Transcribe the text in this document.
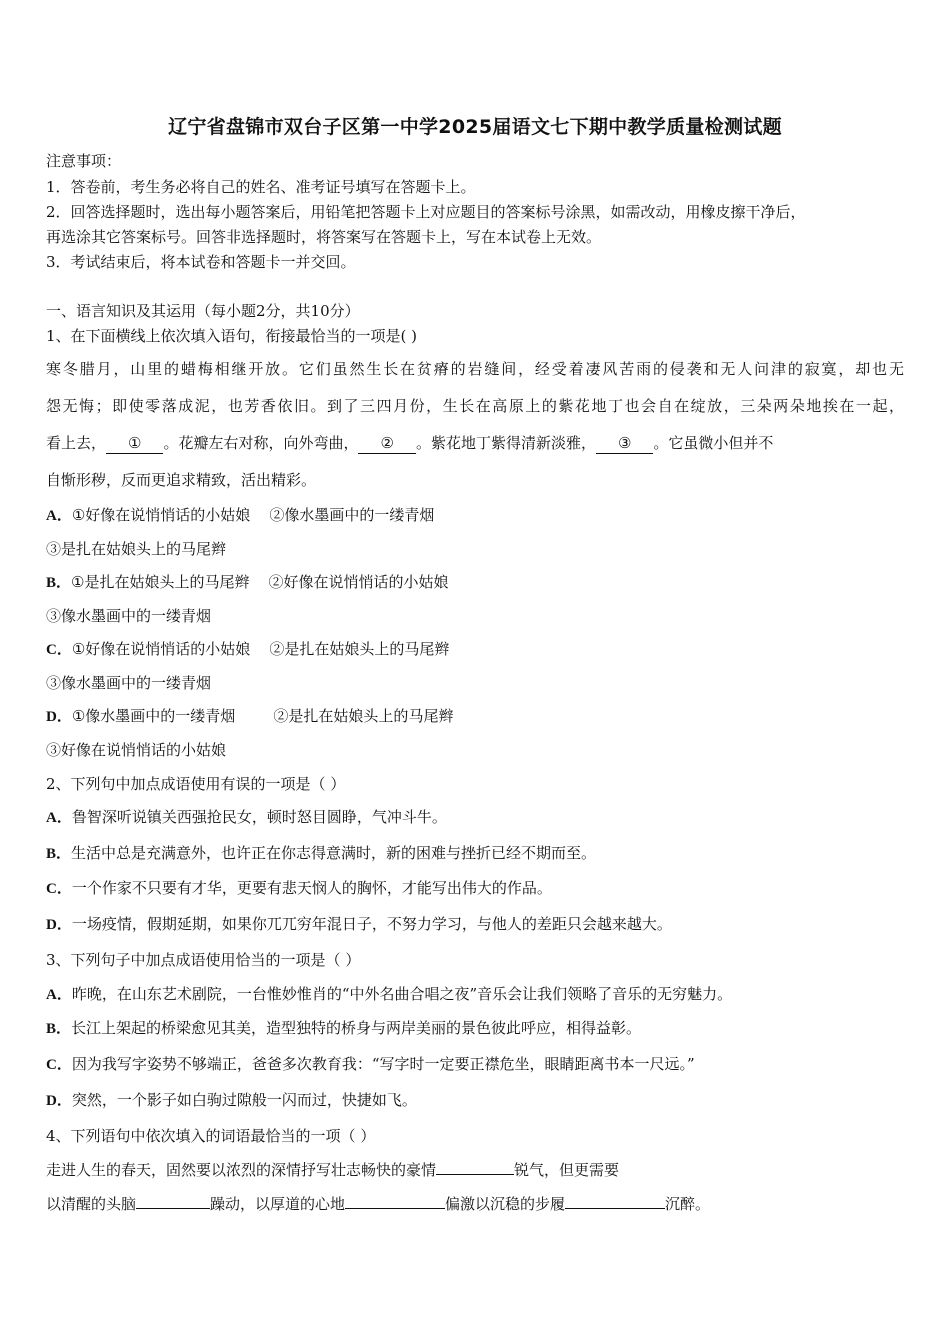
辽宁省盘锦市双台子区第一中学2025届语文七下期中教学质量检测试题
注意事项：
1．答卷前，考生务必将自己的姓名、准考证号填写在答题卡上。
2．回答选择题时，选出每小题答案后，用铅笔把答题卡上对应题目的答案标号涂黑，如需改动，用橡皮擦干净后，
再选涂其它答案标号。回答非选择题时，将答案写在答题卡上，写在本试卷上无效。
3．考试结束后，将本试卷和答题卡一并交回。
一、语言知识及其运用（每小题2分，共10分）
1、在下面横线上依次填入语句，衔接最恰当的一项是( )
寒冬腊月，山里的蜡梅相继开放。它们虽然生长在贫瘠的岩缝间，经受着凄风苦雨的侵袭和无人问津的寂寞，却也无
怨无悔；即使零落成泥，也芳香依旧。到了三四月份，生长在高原上的紫花地丁也会自在绽放，三朵两朵地挨在一起，
看上去， ① 。花瓣左右对称，向外弯曲， ② 。紫花地丁紫得清新淡雅， ③ 。它虽微小但并不
自惭形秽，反而更追求精致，活出精彩。
A．①好像在说悄悄话的小姑娘    ②像水墨画中的一缕青烟
③是扎在姑娘头上的马尾辫
B．①是扎在姑娘头上的马尾辫    ②好像在说悄悄话的小姑娘
③像水墨画中的一缕青烟
C．①好像在说悄悄话的小姑娘    ②是扎在姑娘头上的马尾辫
③像水墨画中的一缕青烟
D．①像水墨画中的一缕青烟        ②是扎在姑娘头上的马尾辫
③好像在说悄悄话的小姑娘
2、下列句中加点成语使用有误的一项是（ ）
A．鲁智深听说镇关西强抢民女，顿时怒目圆睁，气冲斗牛。
B．生活中总是充满意外，也许正在你志得意满时，新的困难与挫折已经不期而至。
C．一个作家不只要有才华，更要有悲天悯人的胸怀，才能写出伟大的作品。
D．一场疫情，假期延期，如果你兀兀穷年混日子，不努力学习，与他人的差距只会越来越大。
3、下列句子中加点成语使用恰当的一项是（ ）
A．昨晚，在山东艺术剧院，一台惟妙惟肖的“中外名曲合唱之夜”音乐会让我们领略了音乐的无穷魅力。
B．长江上架起的桥梁愈见其美，造型独特的桥身与两岸美丽的景色彼此呼应，相得益彰。
C．因为我写字姿势不够端正，爸爸多次教育我：“写字时一定要正襟危坐，眼睛距离书本一尺远。”
D．突然，一个影子如白驹过隙般一闪而过，快捷如飞。
4、下列语句中依次填入的词语最恰当的一项（ ）
走进人生的春天，固然要以浓烈的深情抒写壮志畅快的豪情	锐气，但更需要
以清醒的头脑	躁动，以厚道的心地	偏激以沉稳的步履	沉醉。
